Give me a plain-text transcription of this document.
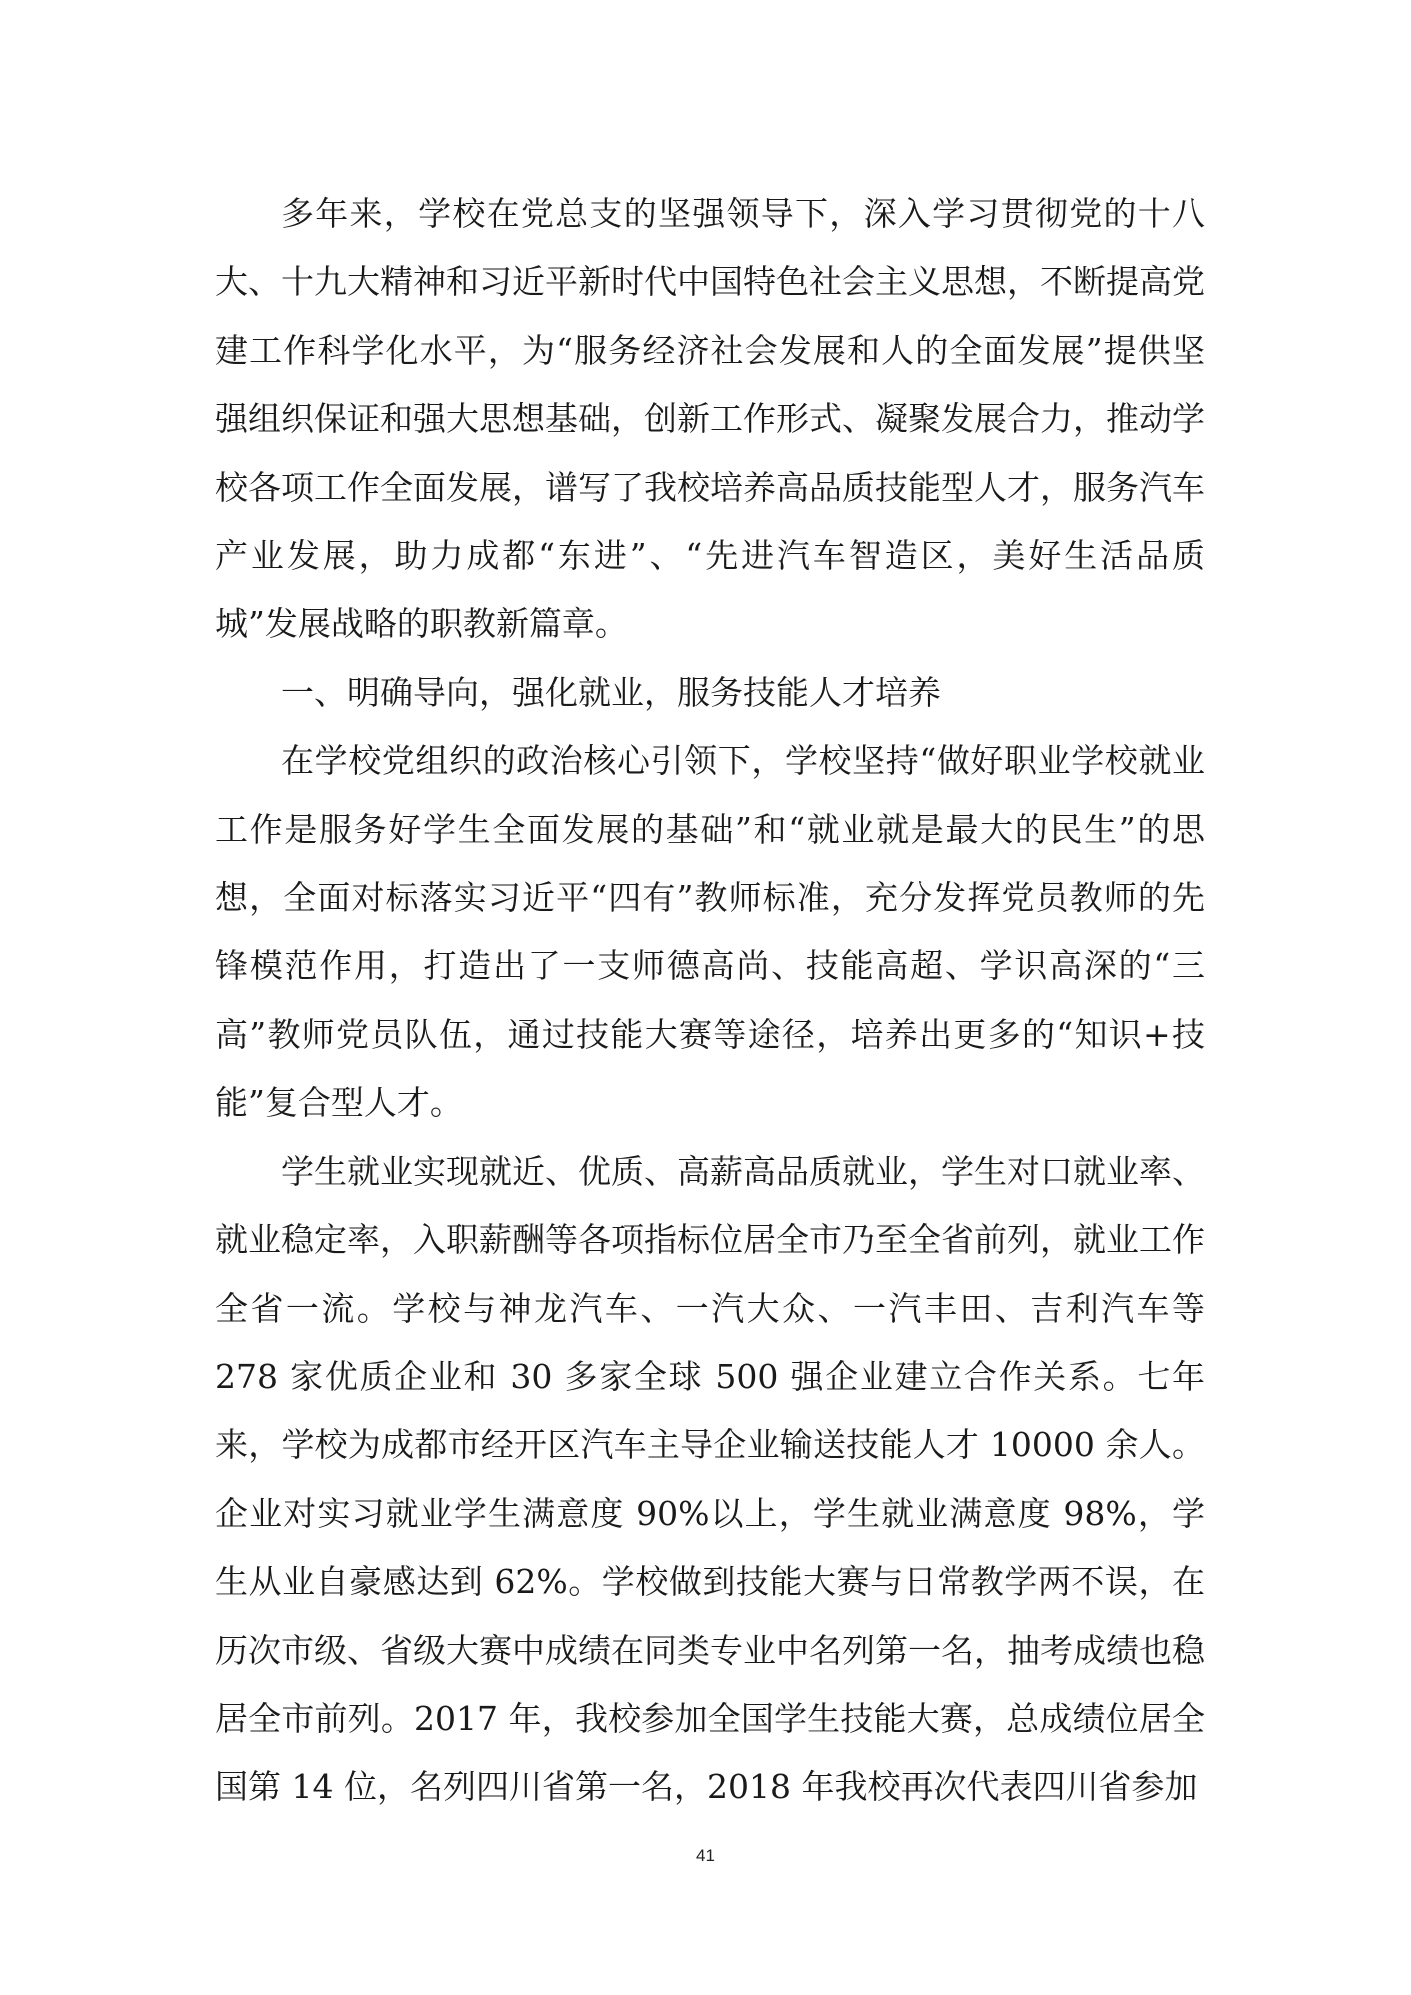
多年来，学校在党总支的坚强领导下，深入学习贯彻党的十八大、十九大精神和习近平新时代中国特色社会主义思想，不断提高党建工作科学化水平，为“服务经济社会发展和人的全面发展”提供坚强组织保证和强大思想基础，创新工作形式、凝聚发展合力，推动学校各项工作全面发展，谱写了我校培养高品质技能型人才，服务汽车产业发展，助力成都“东进”、“先进汽车智造区，美好生活品质城”发展战略的职教新篇章。

一、明确导向，强化就业，服务技能人才培养

在学校党组织的政治核心引领下，学校坚持“做好职业学校就业工作是服务好学生全面发展的基础”和“就业就是最大的民生”的思想，全面对标落实习近平“四有”教师标准，充分发挥党员教师的先锋模范作用，打造出了一支师德高尚、技能高超、学识高深的“三高”教师党员队伍，通过技能大赛等途径，培养出更多的“知识+技能”复合型人才。

学生就业实现就近、优质、高薪高品质就业，学生对口就业率、就业稳定率，入职薪酬等各项指标位居全市乃至全省前列，就业工作全省一流。学校与神龙汽车、一汽大众、一汽丰田、吉利汽车等 278 家优质企业和 30 多家全球 500 强企业建立合作关系。七年来，学校为成都市经开区汽车主导企业输送技能人才 10000 余人。企业对实习就业学生满意度 90%以上，学生就业满意度 98%，学生从业自豪感达到 62%。学校做到技能大赛与日常教学两不误，在历次市级、省级大赛中成绩在同类专业中名列第一名，抽考成绩也稳居全市前列。2017 年，我校参加全国学生技能大赛，总成绩位居全国第 14 位，名列四川省第一名，2018 年我校再次代表四川省参加

41
